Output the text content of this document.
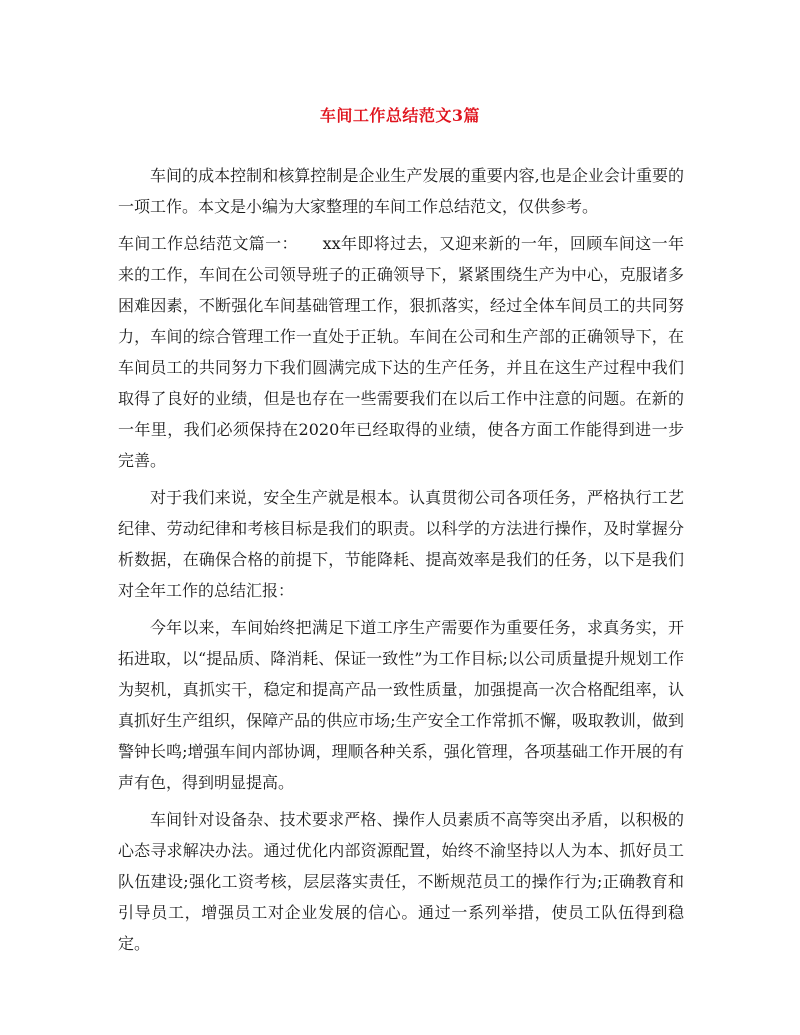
车间工作总结范文3篇

车间的成本控制和核算控制是企业生产发展的重要内容,也是企业会计重要的一项工作。本文是小编为大家整理的车间工作总结范文，仅供参考。

车间工作总结范文篇一：　　xx年即将过去，又迎来新的一年，回顾车间这一年来的工作，车间在公司领导班子的正确领导下，紧紧围绕生产为中心，克服诸多困难因素，不断强化车间基础管理工作，狠抓落实，经过全体车间员工的共同努力，车间的综合管理工作一直处于正轨。车间在公司和生产部的正确领导下，在车间员工的共同努力下我们圆满完成下达的生产任务，并且在这生产过程中我们取得了良好的业绩，但是也存在一些需要我们在以后工作中注意的问题。在新的一年里，我们必须保持在2020年已经取得的业绩，使各方面工作能得到进一步完善。

对于我们来说，安全生产就是根本。认真贯彻公司各项任务，严格执行工艺纪律、劳动纪律和考核目标是我们的职责。以科学的方法进行操作，及时掌握分析数据，在确保合格的前提下，节能降耗、提高效率是我们的任务，以下是我们对全年工作的总结汇报：

今年以来，车间始终把满足下道工序生产需要作为重要任务，求真务实，开拓进取，以“提品质、降消耗、保证一致性”为工作目标;以公司质量提升规划工作为契机，真抓实干，稳定和提高产品一致性质量，加强提高一次合格配组率，认真抓好生产组织，保障产品的供应市场;生产安全工作常抓不懈，吸取教训，做到警钟长鸣;增强车间内部协调，理顺各种关系，强化管理，各项基础工作开展的有声有色，得到明显提高。

车间针对设备杂、技术要求严格、操作人员素质不高等突出矛盾，以积极的心态寻求解决办法。通过优化内部资源配置，始终不渝坚持以人为本、抓好员工队伍建设;强化工资考核，层层落实责任，不断规范员工的操作行为;正确教育和引导员工，增强员工对企业发展的信心。通过一系列举措，使员工队伍得到稳定。
